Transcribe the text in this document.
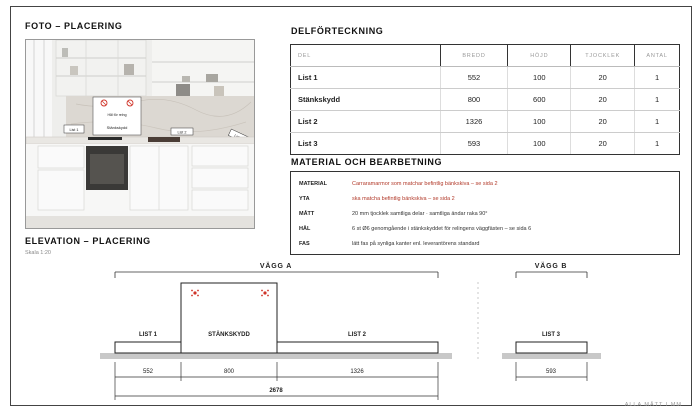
FOTO – PLACERING
Hål för relng
Stänkskydd
List 1
List 2
DELFÖRTECKNING
DEL	BREDD	HÖJD	TJOCKLEK	ANTAL
List 1	552	100	20	1
Stänkskydd	800	600	20	1
List 2	1326	100	20	1
List 3	593	100	20	1
MATERIAL OCH BEARBETNING
MATERIAL	Carraramarmor som matchar befintlig bänkskiva – se sida 2
YTA	ska matcha befintlig bänkskiva – se sida 2
MÅTT	20 mm tjocklek samtliga delar · samtliga ändar raka 90°
HÅL	6 st Ø6 genomgående i stänkskyddet för relingens väggfästen – se sida 6
FAS	lätt fas på synliga kanter enl. leverantörens standard
ELEVATION – PLACERING
Skala 1:20
VÄGG A	VÄGG B
LIST 1	STÄNKSKYDD	LIST 2	LIST 3
552	800	1326	593
2678
ALLA MÅTT I MM
